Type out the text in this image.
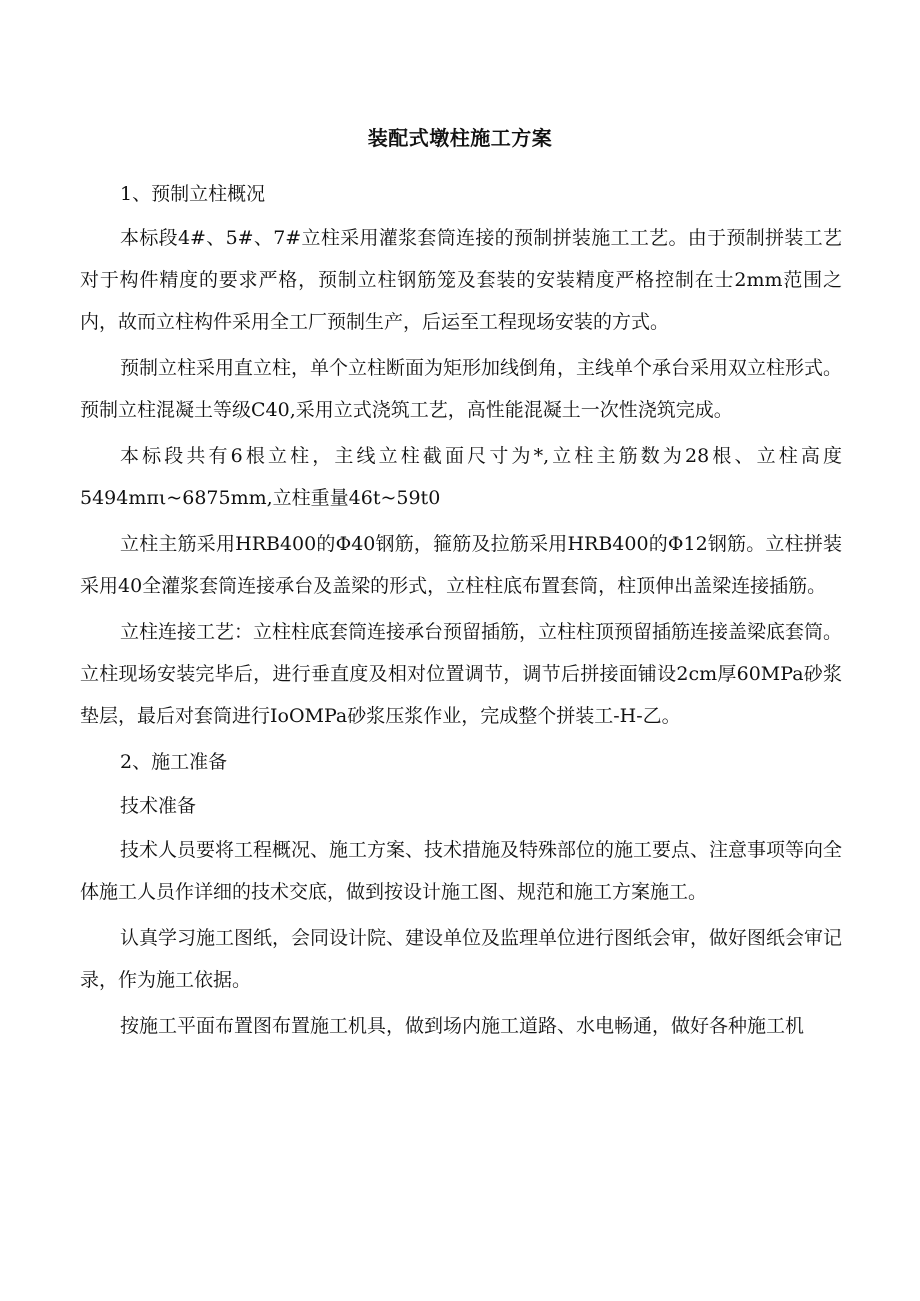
装配式墩柱施工方案

1、预制立柱概况

本标段4#、5#、7#立柱采用灌浆套筒连接的预制拼装施工工艺。由于预制拼装工艺对于构件精度的要求严格，预制立柱钢筋笼及套装的安装精度严格控制在士2mm范围之内，故而立柱构件采用全工厂预制生产，后运至工程现场安装的方式。

预制立柱采用直立柱，单个立柱断面为矩形加线倒角，主线单个承台采用双立柱形式。预制立柱混凝土等级C40,采用立式浇筑工艺，高性能混凝土一次性浇筑完成。

本标段共有6根立柱，主线立柱截面尺寸为*,立柱主筋数为28根、立柱高度5494mπι~6875mm,立柱重量46t~59t0

立柱主筋采用HRB400的Φ40钢筋，箍筋及拉筋采用HRB400的Φ12钢筋。立柱拼装采用40全灌浆套筒连接承台及盖梁的形式，立柱柱底布置套筒，柱顶伸出盖梁连接插筋。

立柱连接工艺：立柱柱底套筒连接承台预留插筋，立柱柱顶预留插筋连接盖梁底套筒。立柱现场安装完毕后，进行垂直度及相对位置调节，调节后拼接面铺设2cm厚60MPa砂浆垫层，最后对套筒进行IoOMPa砂浆压浆作业，完成整个拼装工-H-乙。

2、施工准备

技术准备

技术人员要将工程概况、施工方案、技术措施及特殊部位的施工要点、注意事项等向全体施工人员作详细的技术交底，做到按设计施工图、规范和施工方案施工。

认真学习施工图纸，会同设计院、建设单位及监理单位进行图纸会审，做好图纸会审记录，作为施工依据。

按施工平面布置图布置施工机具，做到场内施工道路、水电畅通，做好各种施工机
